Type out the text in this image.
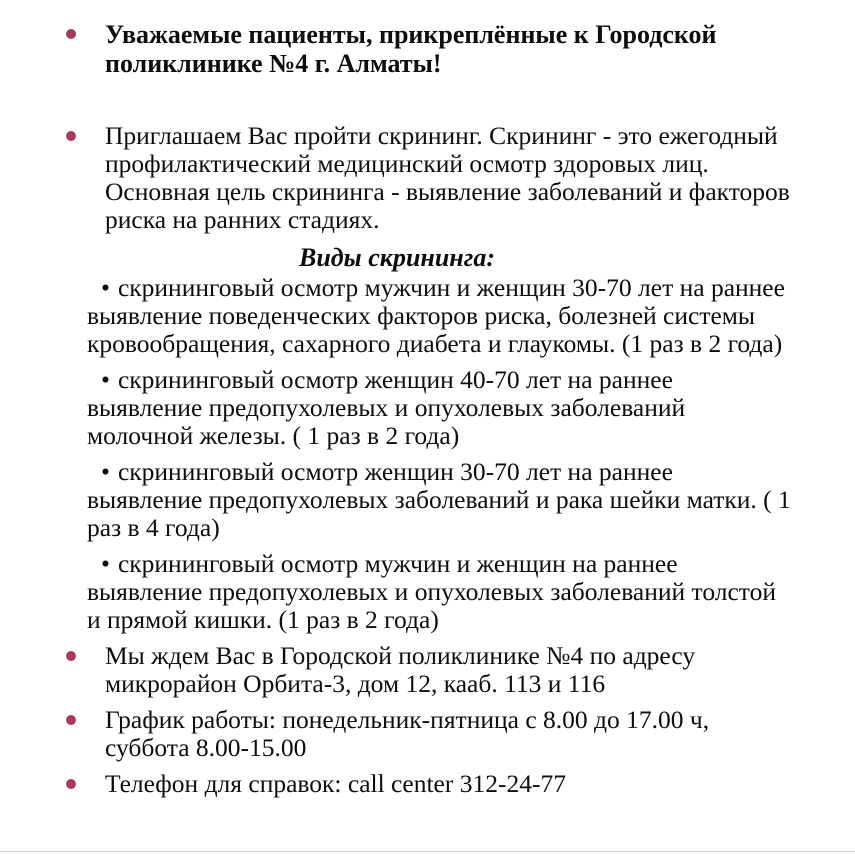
Уважаемые пациенты, прикреплённые к Городской поликлинике №4 г. Алматы!
Приглашаем Вас пройти скрининг. Скрининг - это ежегодный профилактический медицинский осмотр здоровых лиц. Основная цель скрининга - выявление заболеваний и факторов риска на ранних стадиях.
Виды скрининга:
• скрининговый осмотр мужчин и женщин 30-70 лет на раннее выявление поведенческих факторов риска, болезней системы кровообращения, сахарного диабета и глаукомы. (1 раз в 2 года)
• скрининговый осмотр женщин 40-70 лет на раннее выявление предопухолевых и опухолевых заболеваний молочной железы. ( 1 раз в 2 года)
• скрининговый осмотр женщин 30-70 лет на раннее выявление предопухолевых заболеваний и рака шейки матки. ( 1 раз в 4 года)
• скрининговый осмотр мужчин и женщин на раннее выявление предопухолевых и опухолевых заболеваний толстой и прямой кишки. (1 раз в 2 года)
Мы ждем Вас в Городской поликлинике №4 по адресу микрорайон Орбита-3, дом 12, кааб. 113 и 116
График работы: понедельник-пятница с 8.00 до 17.00 ч, суббота 8.00-15.00
Телефон для справок: call center 312-24-77
